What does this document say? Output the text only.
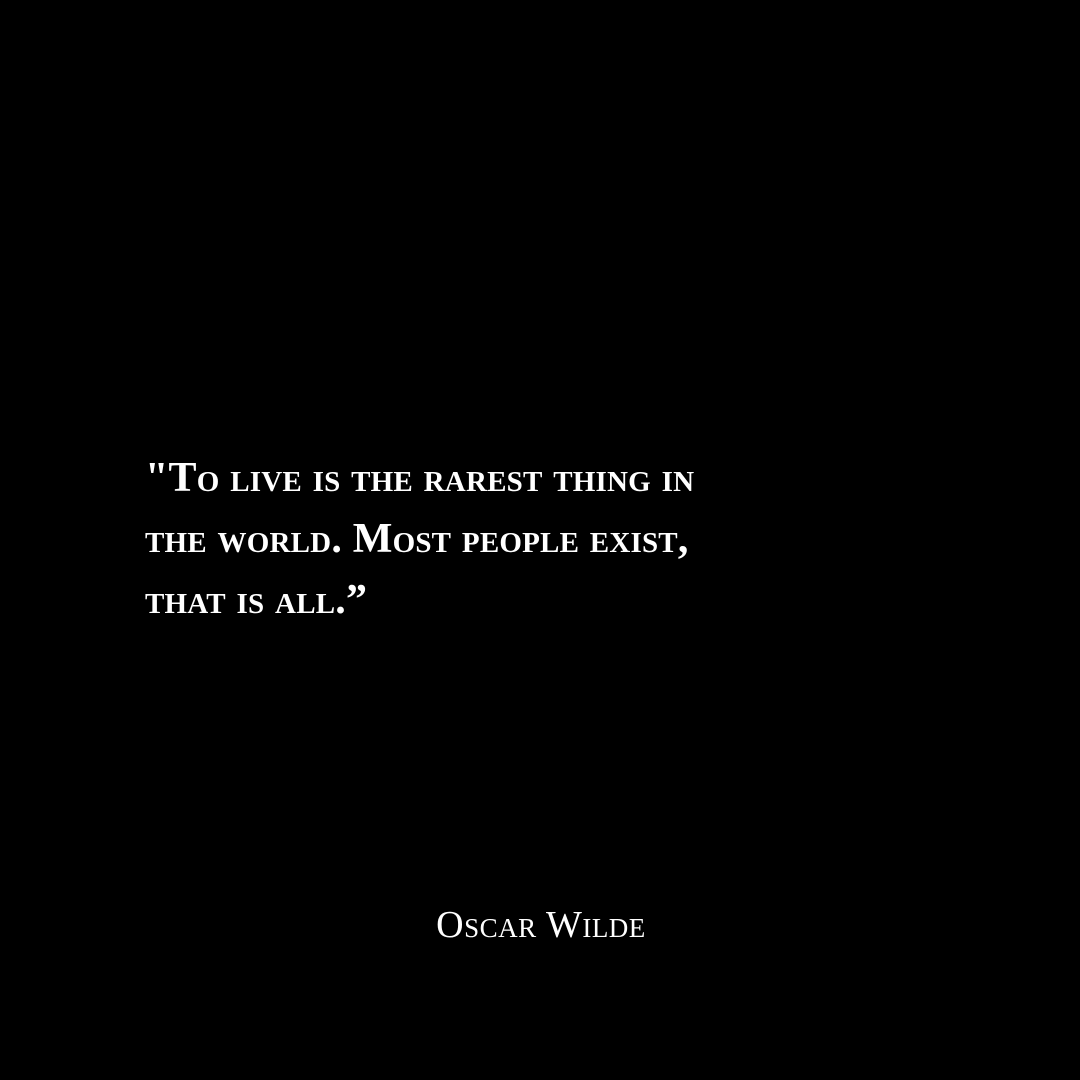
"To live is the rarest thing in
the world. Most people exist,
that is all.”

Oscar Wilde
